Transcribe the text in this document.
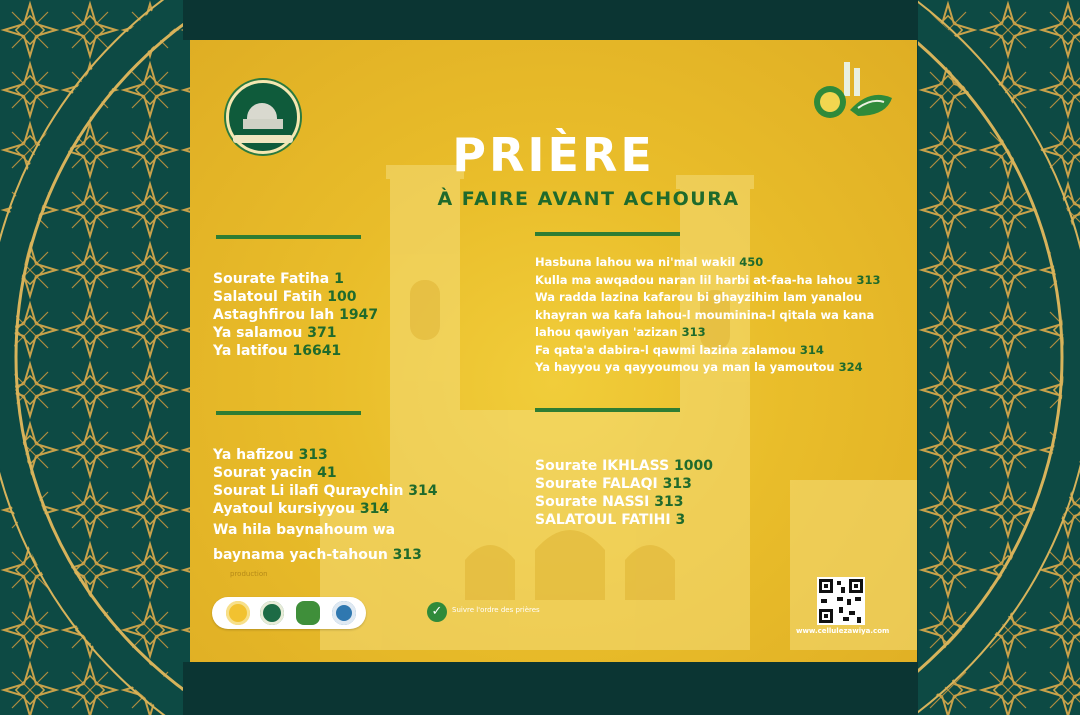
PRIÈRE
À FAIRE AVANT ACHOURA
Sourate Fatiha 1
Salatoul Fatih 100
Astaghfirou lah 1947
Ya salamou 371
Ya latifou 16641
Hasbuna lahou wa ni'mal wakil 450
Kulla ma awqadou naran lil harbi at-faa-ha lahou 313
Wa radda lazina kafarou bi ghayzihim lam yanalou
khayran wa kafa lahou-l mouminina-l qitala wa kana
lahou qawiyan 'azizan 313
Fa qata'a dabira-l qawmi lazina zalamou 314
Ya hayyou ya qayyoumou ya man la yamoutou 324
Ya hafizou 313
Sourat yacin 41
Sourat Li ilafi Quraychin 314
Ayatoul kursiyyou 314
Wa hila baynahoum wa
baynama yach-tahoun 313
Sourate IKHLASS 1000
Sourate FALAQI 313
Sourate NASSI 313
SALATOUL FATIHI 3
production
✓	Suivre l'ordre des prières
www.cellulezawiya.com
